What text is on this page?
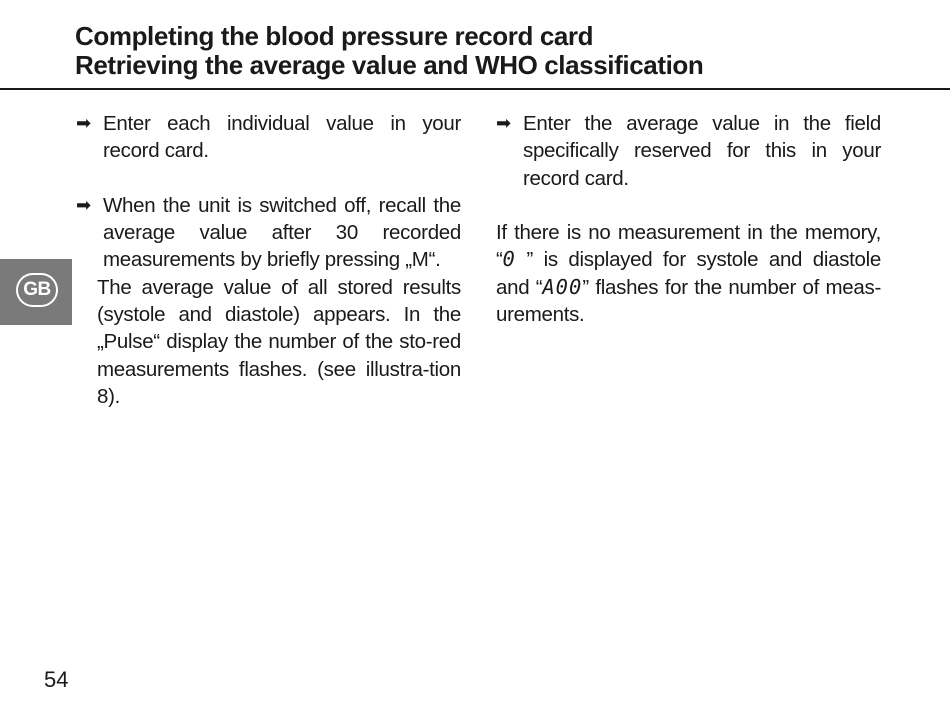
Completing the blood pressure record card
Retrieving the average value and WHO classification
GB
➡ Enter each individual value in your record card.
➡ When the unit is switched off, recall the average value after 30 recorded measurements by briefly pressing „M“.
The average value of all stored results (systole and diastole) appears. In the „Pulse“ display the number of the sto-red measurements flashes. (see illustra-tion 8).
➡ Enter the average value in the field specifically reserved for this in your record card.
If there is no measurement in the memory, “0 ” is displayed for systole and diastole and “A00” flashes for the number of meas-urements.
54
